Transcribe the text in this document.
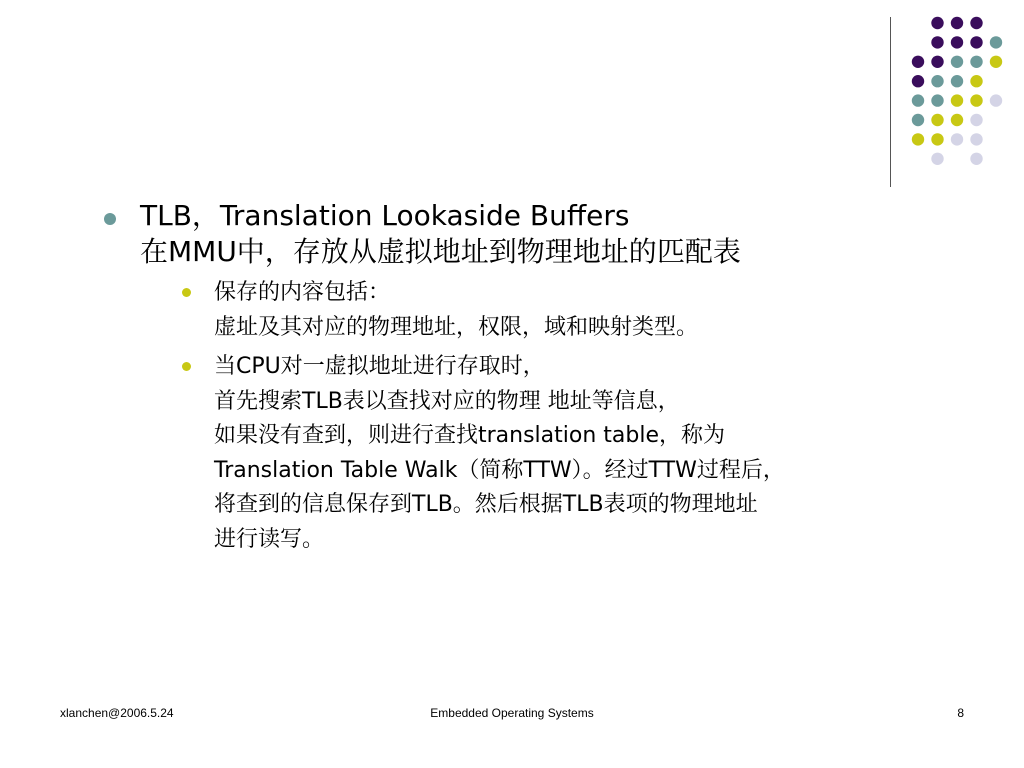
TLB，Translation Lookaside Buffers
在MMU中，存放从虚拟地址到物理地址的匹配表
保存的内容包括：
虚址及其对应的物理地址，权限，域和映射类型。
当CPU对一虚拟地址进行存取时，
首先搜索TLB表以查找对应的物理 地址等信息，
如果没有查到，则进行查找translation table，称为
Translation Table Walk（简称TTW）。经过TTW过程后，
将查到的信息保存到TLB。然后根据TLB表项的物理地址
进行读写。
xlanchen@2006.5.24	Embedded Operating Systems	8
